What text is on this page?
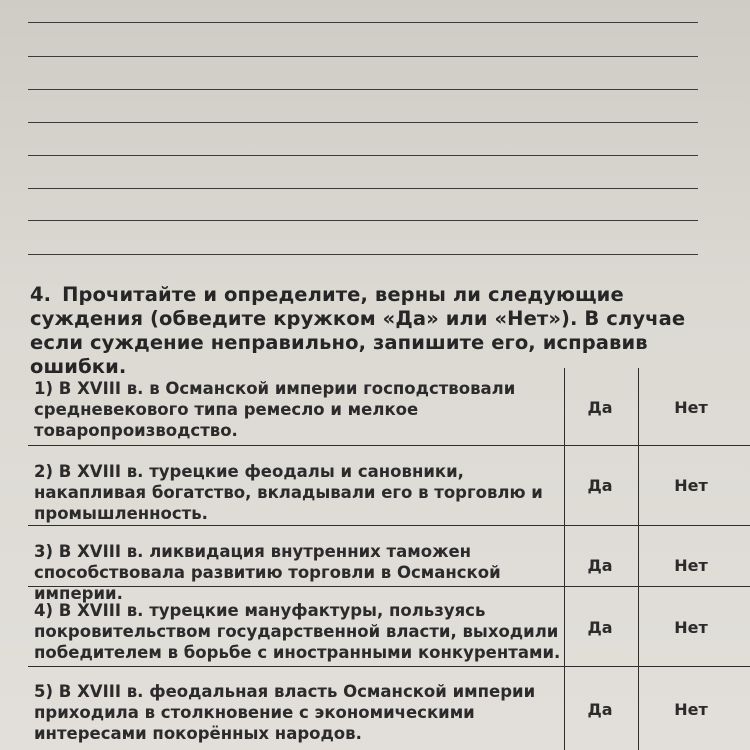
4. Прочитайте и определите, верны ли следующие суждения (обведите кружком «Да» или «Нет»). В случае если суждение неправильно, запишите его, исправив ошибки.
1) В XVIII в. в Османской империи господствовали средневекового типа ремесло и мелкое товаропроизводство.
Да	Нет
2) В XVIII в. турецкие феодалы и сановники, накапливая богатство, вкладывали его в торговлю и промышленность.
Да	Нет
3) В XVIII в. ликвидация внутренних таможен способствовала развитию торговли в Османской империи.
Да	Нет
4) В XVIII в. турецкие мануфактуры, пользуясь покровительством государственной власти, выходили победителем в борьбе с иностранными конкурентами.
Да	Нет
5) В XVIII в. феодальная власть Османской империи приходила в столкновение с экономическими интересами покорённых народов.
Да	Нет
